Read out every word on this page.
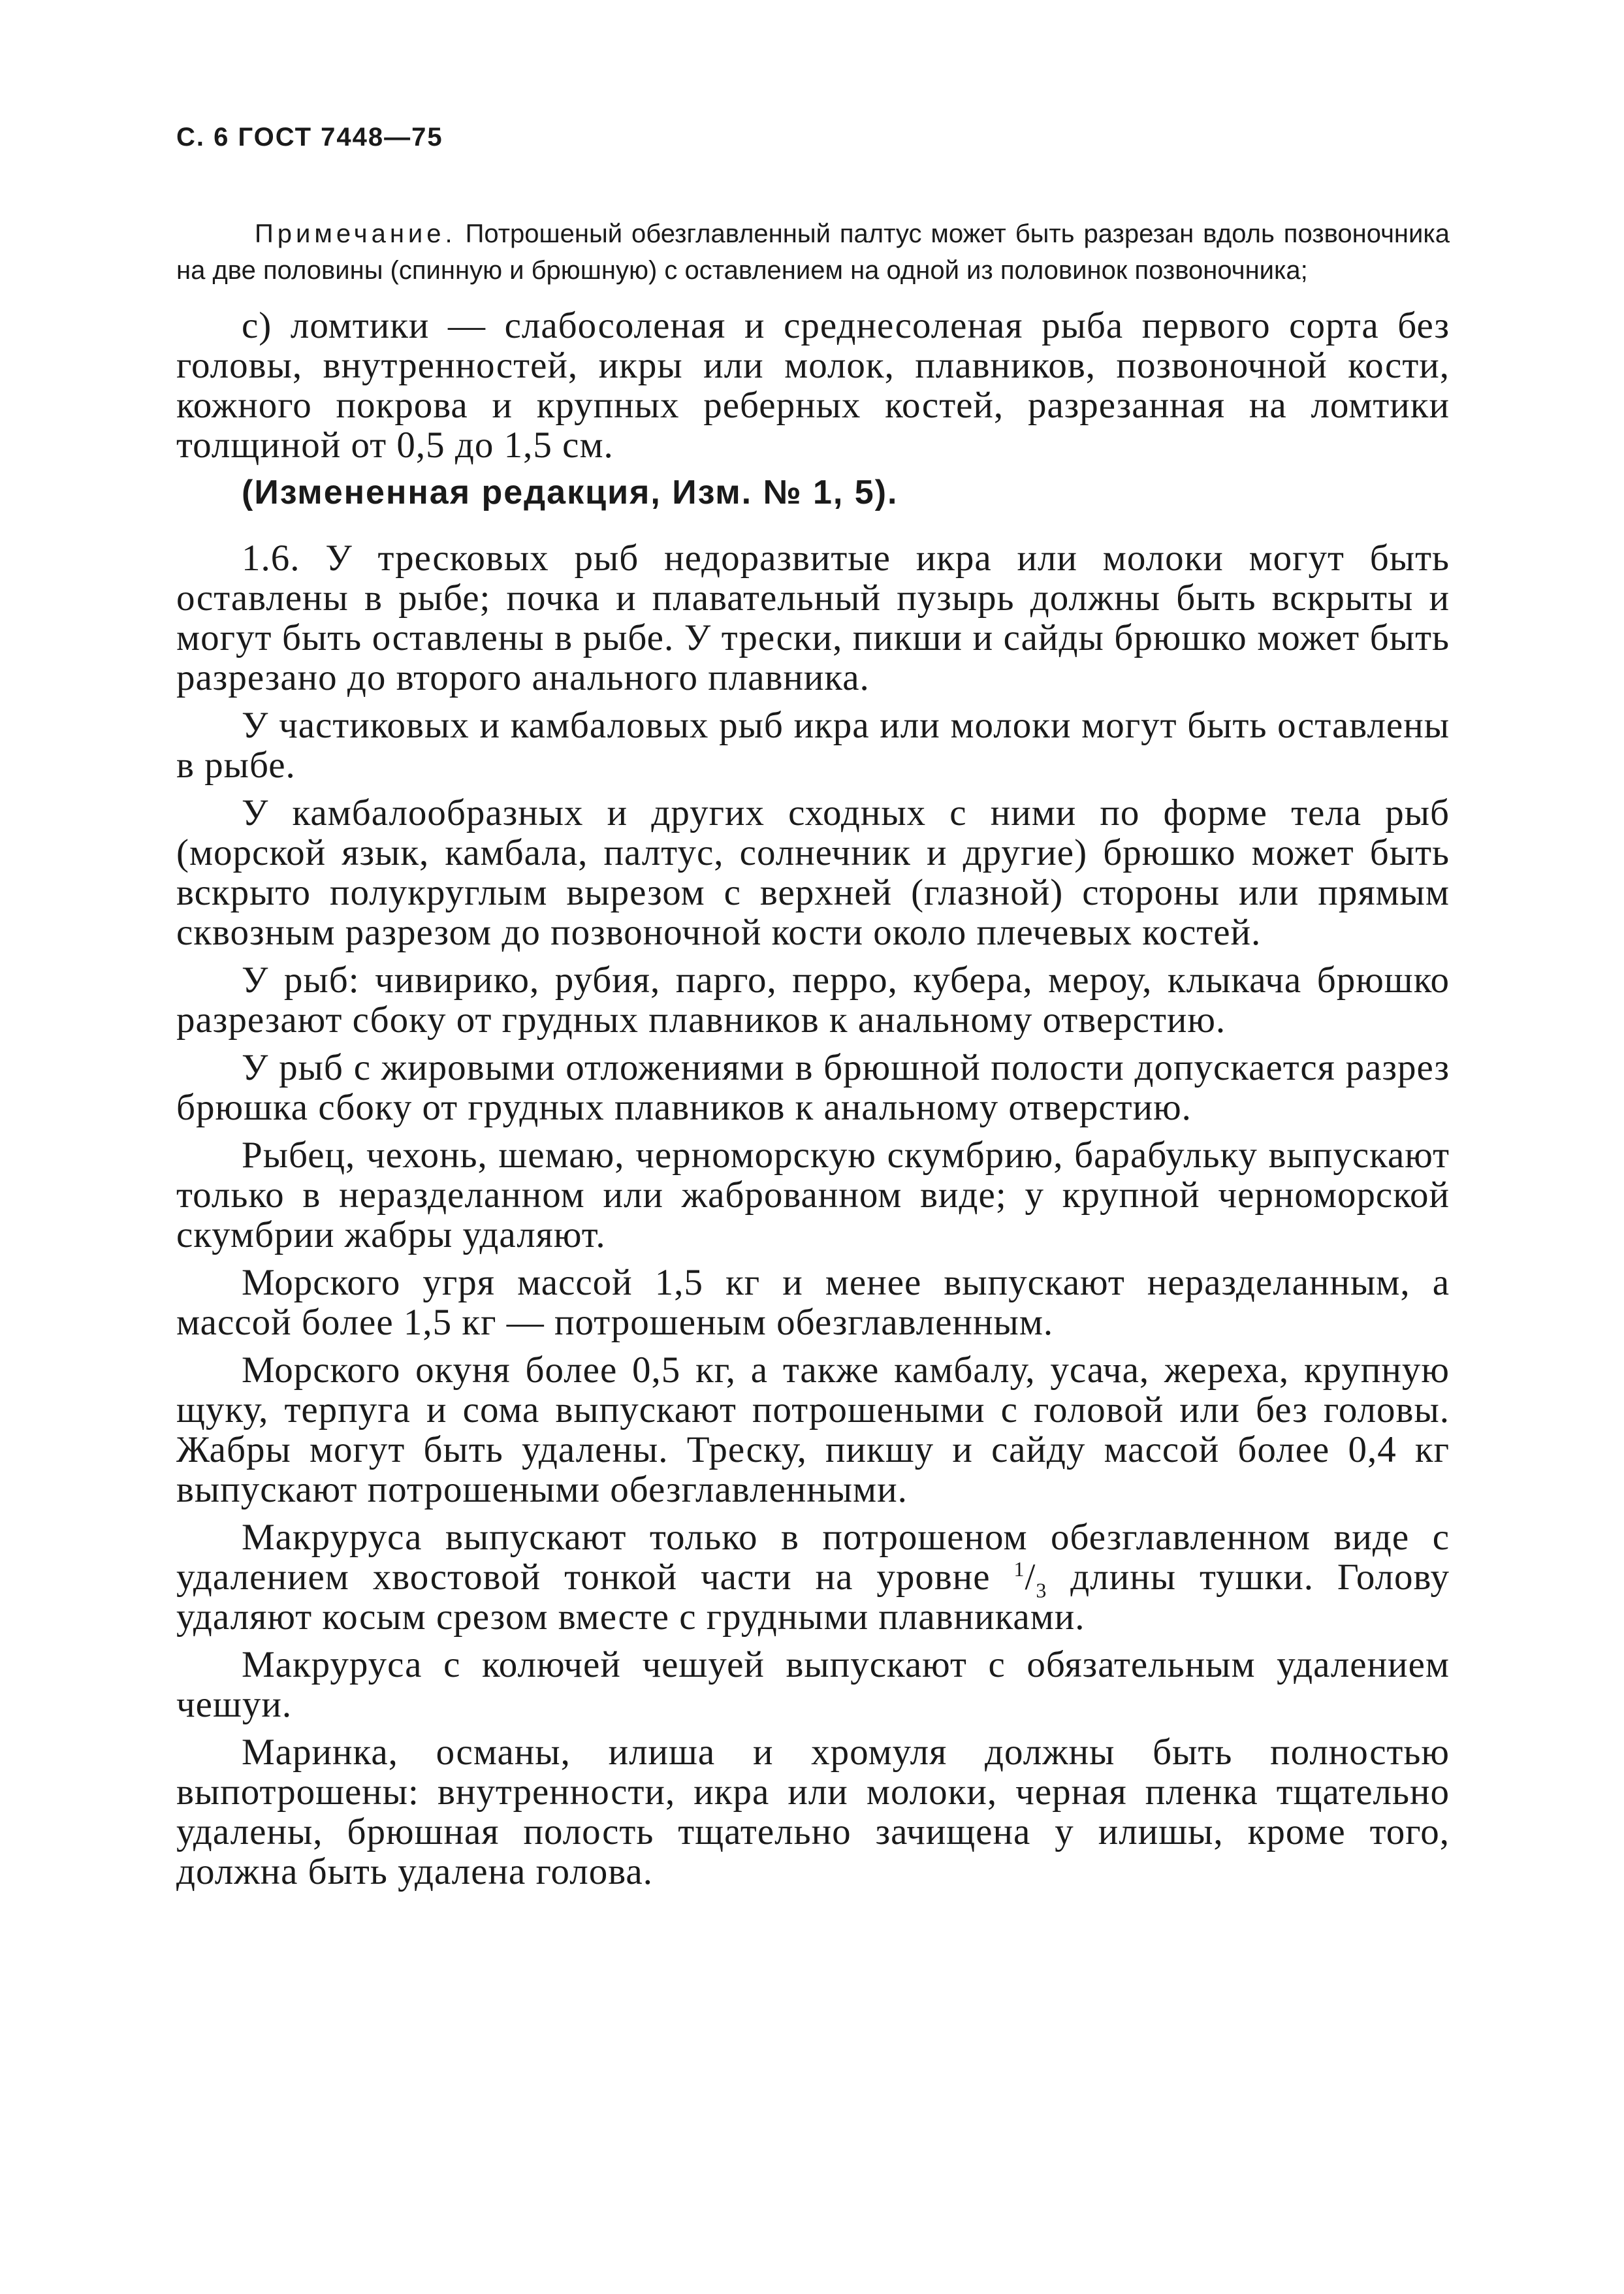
С. 6 ГОСТ 7448—75

Примечание. Потрошеный обезглавленный палтус может быть разрезан вдоль позвоночника на две половины (спинную и брюшную) с оставлением на одной из половинок позвоночника;

с) ломтики — слабосоленая и среднесоленая рыба первого сорта без головы, внутренностей, икры или молок, плавников, позвоночной кости, кожного покрова и крупных реберных костей, разрезанная на ломтики толщиной от 0,5 до 1,5 см.

(Измененная редакция, Изм. № 1, 5).

1.6. У тресковых рыб недоразвитые икра или молоки могут быть оставлены в рыбе; почка и плавательный пузырь должны быть вскрыты и могут быть оставлены в рыбе. У трески, пикши и сайды брюшко может быть разрезано до второго анального плавника.

У частиковых и камбаловых рыб икра или молоки могут быть оставлены в рыбе.

У камбалообразных и других сходных с ними по форме тела рыб (морской язык, камбала, палтус, солнечник и другие) брюшко может быть вскрыто полукруглым вырезом с верхней (глазной) стороны или прямым сквозным разрезом до позвоночной кости около плечевых костей.

У рыб: чивирико, рубия, парго, перро, кубера, мероу, клыкача брюшко разрезают сбоку от грудных плавников к анальному отверстию.

У рыб с жировыми отложениями в брюшной полости допускается разрез брюшка сбоку от грудных плавников к анальному отверстию.

Рыбец, чехонь, шемаю, черноморскую скумбрию, барабульку выпускают только в неразделанном или жаброванном виде; у крупной черноморской скумбрии жабры удаляют.

Морского угря массой 1,5 кг и менее выпускают неразделанным, а массой более 1,5 кг — потрошеным обезглавленным.

Морского окуня более 0,5 кг, а также камбалу, усача, жереха, крупную щуку, терпуга и сома выпускают потрошеными с головой или без головы. Жабры могут быть удалены. Треску, пикшу и сайду массой более 0,4 кг выпускают потрошеными обезглавленными.

Макруруса выпускают только в потрошеном обезглавленном виде с удалением хвостовой тонкой части на уровне $^1/_3$ длины тушки. Голову удаляют косым срезом вместе с грудными плавниками.

Макруруса с колючей чешуей выпускают с обязательным удалением чешуи.

Маринка, османы, илиша и хромуля должны быть полностью выпотрошены: внутренности, икра или молоки, черная пленка тщательно удалены, брюшная полость тщательно зачищена у илишы, кроме того, должна быть удалена голова.
